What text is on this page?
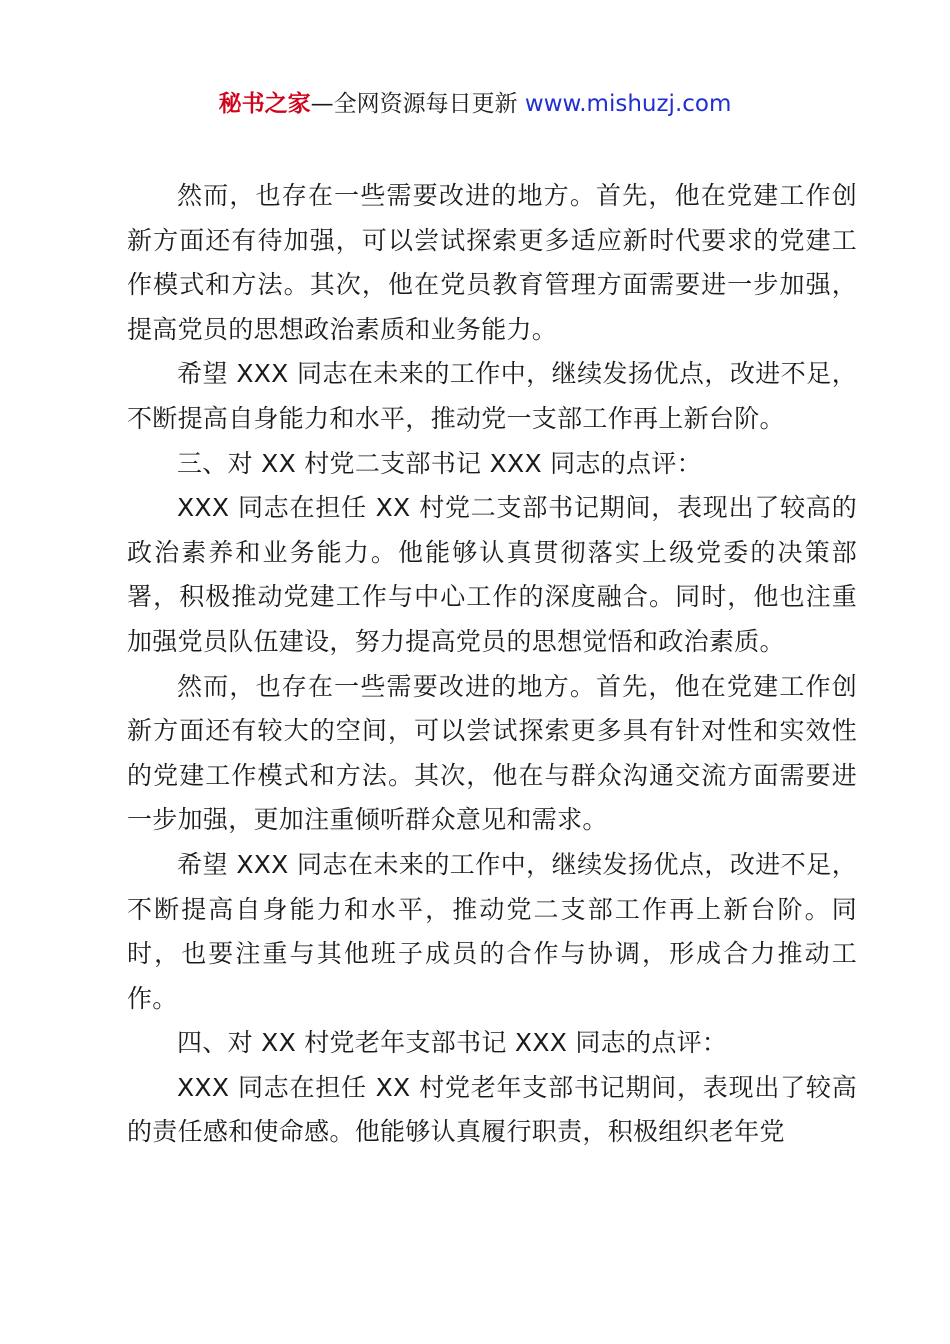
秘书之家—全网资源每日更新 www.mishuzj.com

然而，也存在一些需要改进的地方。首先，他在党建工作创新方面还有待加强，可以尝试探索更多适应新时代要求的党建工作模式和方法。其次，他在党员教育管理方面需要进一步加强，提高党员的思想政治素质和业务能力。

希望 XXX 同志在未来的工作中，继续发扬优点，改进不足，不断提高自身能力和水平，推动党一支部工作再上新台阶。

三、对 XX 村党二支部书记 XXX 同志的点评：

XXX 同志在担任 XX 村党二支部书记期间，表现出了较高的政治素养和业务能力。他能够认真贯彻落实上级党委的决策部署，积极推动党建工作与中心工作的深度融合。同时，他也注重加强党员队伍建设，努力提高党员的思想觉悟和政治素质。

然而，也存在一些需要改进的地方。首先，他在党建工作创新方面还有较大的空间，可以尝试探索更多具有针对性和实效性的党建工作模式和方法。其次，他在与群众沟通交流方面需要进一步加强，更加注重倾听群众意见和需求。

希望 XXX 同志在未来的工作中，继续发扬优点，改进不足，不断提高自身能力和水平，推动党二支部工作再上新台阶。同时，也要注重与其他班子成员的合作与协调，形成合力推动工作。

四、对 XX 村党老年支部书记 XXX 同志的点评：

XXX 同志在担任 XX 村党老年支部书记期间，表现出了较高的责任感和使命感。他能够认真履行职责，积极组织老年党
